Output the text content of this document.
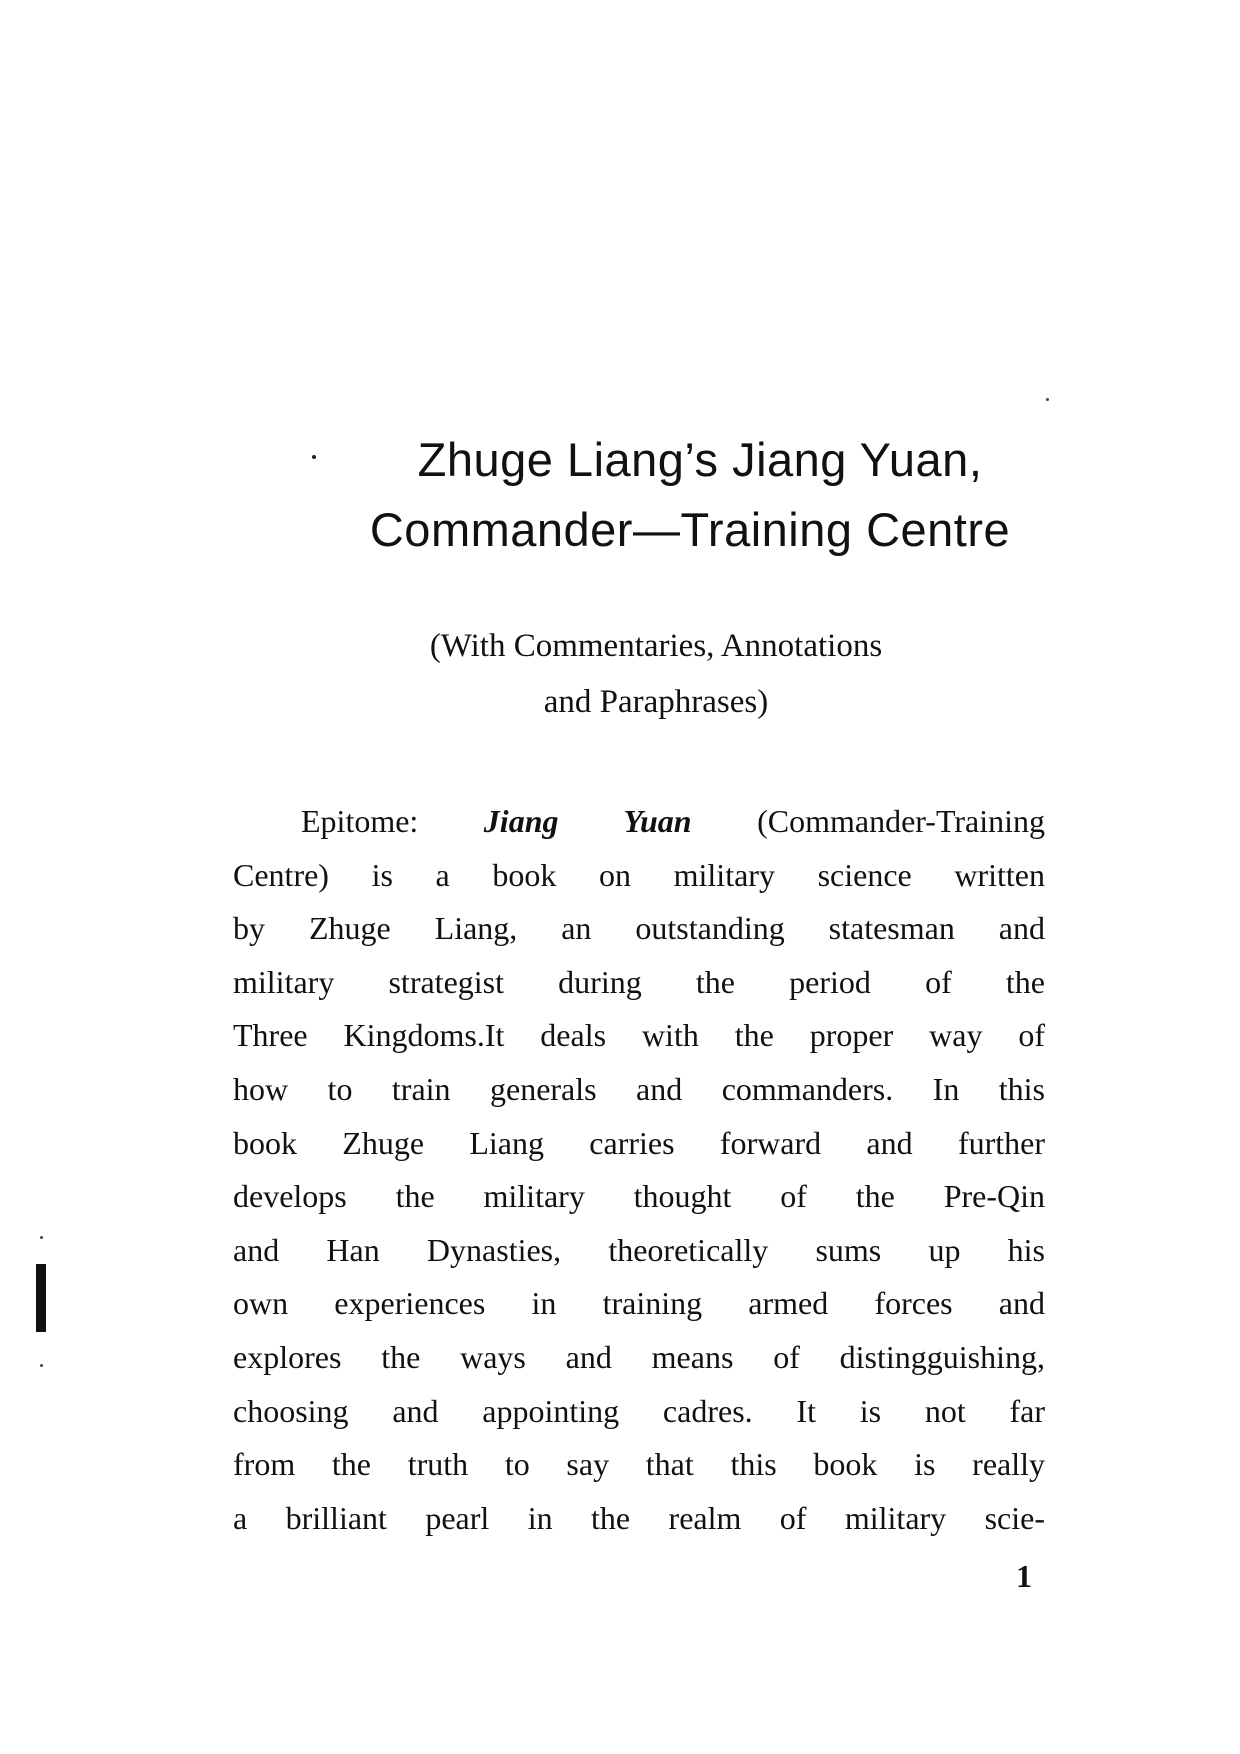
Zhuge Liang’s Jiang Yuan,
Commander—Training Centre
(With Commentaries, Annotations
and Paraphrases)
Epitome: Jiang Yuan (Commander-Training
Centre) is a book on military science written
by Zhuge Liang, an outstanding statesman and
military strategist during the period of the
Three Kingdoms.It deals with the proper way of
how to train generals and commanders. In this
book Zhuge Liang carries forward and further
develops the military thought of the Pre-Qin
and Han Dynasties, theoretically sums up his
own experiences in training armed forces and
explores the ways and means of distingguishing,
choosing and appointing cadres. It is not far
from the truth to say that this book is really
a brilliant pearl in the realm of military scie-
1
